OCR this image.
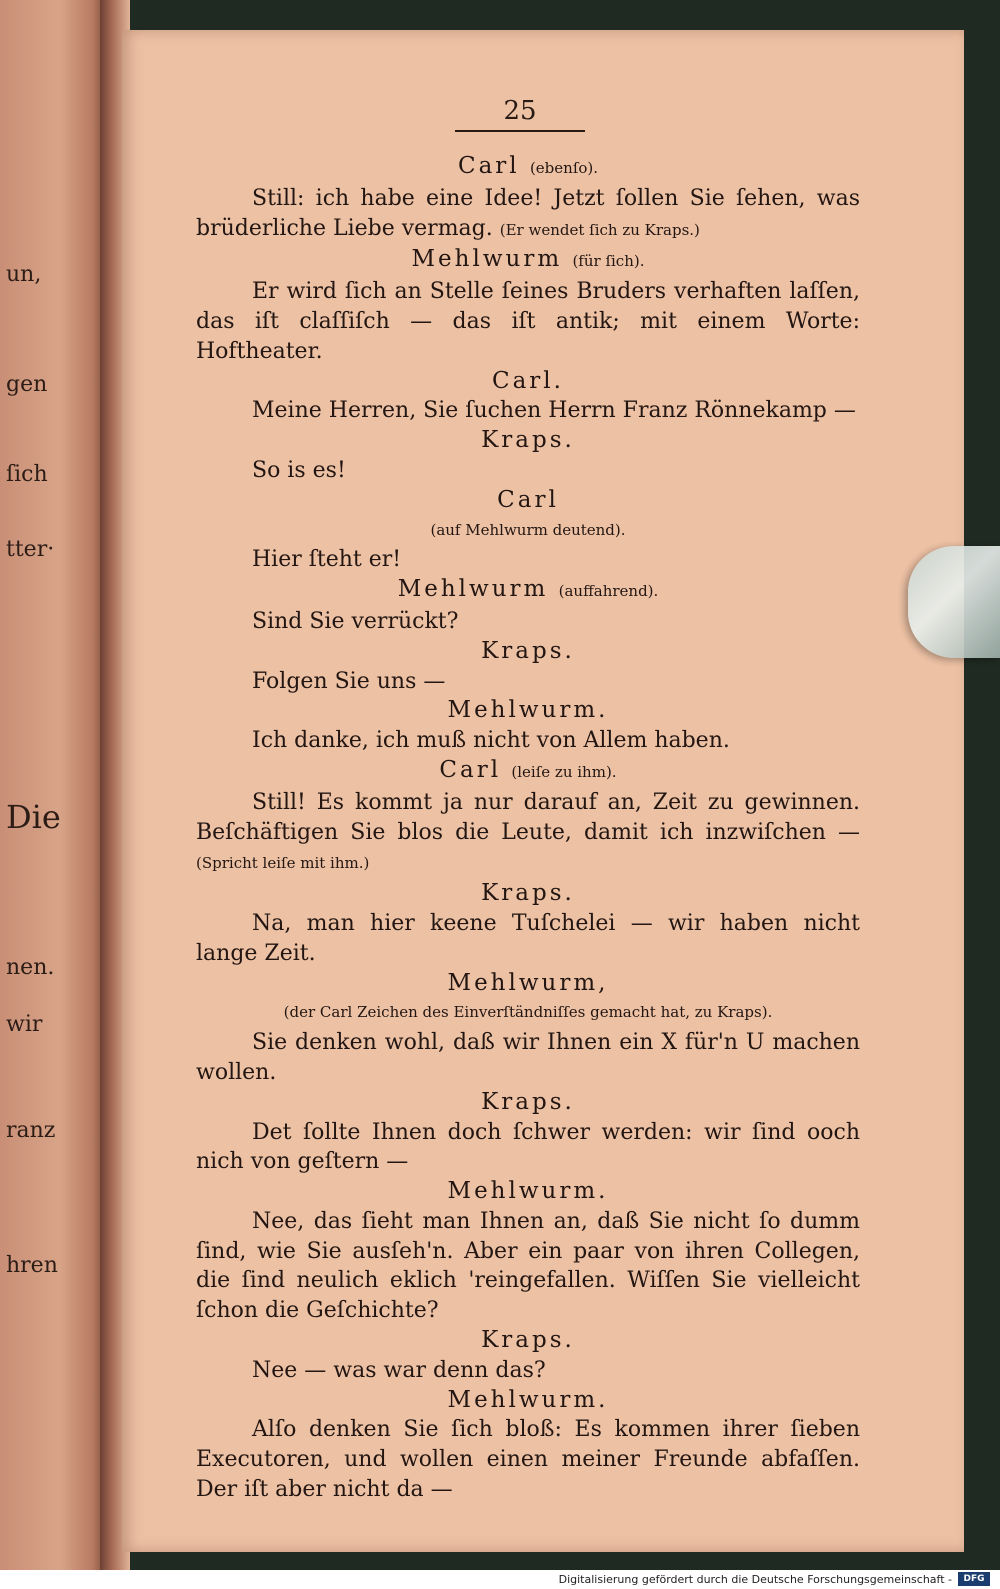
un,
gen
ſich
tter·
Die
nen.
wir
ranz
hren
25
Carl (ebenſo).

Still: ich habe eine Idee! Jetzt ſollen Sie ſehen, was brüderliche Liebe vermag. (Er wendet ſich zu Kraps.)

Mehlwurm (für ſich).

Er wird ſich an Stelle ſeines Bruders verhaften laſſen, das iſt claſſiſch — das iſt antik; mit einem Worte: Hoftheater.

Carl.

Meine Herren, Sie ſuchen Herrn Franz Rönnekamp —

Kraps.

So is es!

Carl
(auf Mehlwurm deutend).

Hier ſteht er!

Mehlwurm (auffahrend).

Sind Sie verrückt?

Kraps.

Folgen Sie uns —

Mehlwurm.

Ich danke, ich muß nicht von Allem haben.

Carl (leiſe zu ihm).

Still! Es kommt ja nur darauf an, Zeit zu gewinnen. Beſchäftigen Sie blos die Leute, damit ich inzwiſchen — (Spricht leiſe mit ihm.)

Kraps.

Na, man hier keene Tuſchelei — wir haben nicht lange Zeit.

Mehlwurm,
(der Carl Zeichen des Einverſtändniſſes gemacht hat, zu Kraps).

Sie denken wohl, daß wir Ihnen ein X für'n U machen wollen.

Kraps.

Det ſollte Ihnen doch ſchwer werden: wir ſind ooch nich von geſtern —

Mehlwurm.

Nee, das ſieht man Ihnen an, daß Sie nicht ſo dumm ſind, wie Sie ausſeh'n. Aber ein paar von ihren Collegen, die ſind neulich eklich 'reingefallen. Wiſſen Sie vielleicht ſchon die Geſchichte?

Kraps.

Nee — was war denn das?

Mehlwurm.

Alſo denken Sie ſich bloß: Es kommen ihrer ſieben Executoren, und wollen einen meiner Freunde abfaſſen. Der iſt aber nicht da —

Digitalisierung gefördert durch die Deutsche Forschungsgemeinschaft -	DFG
